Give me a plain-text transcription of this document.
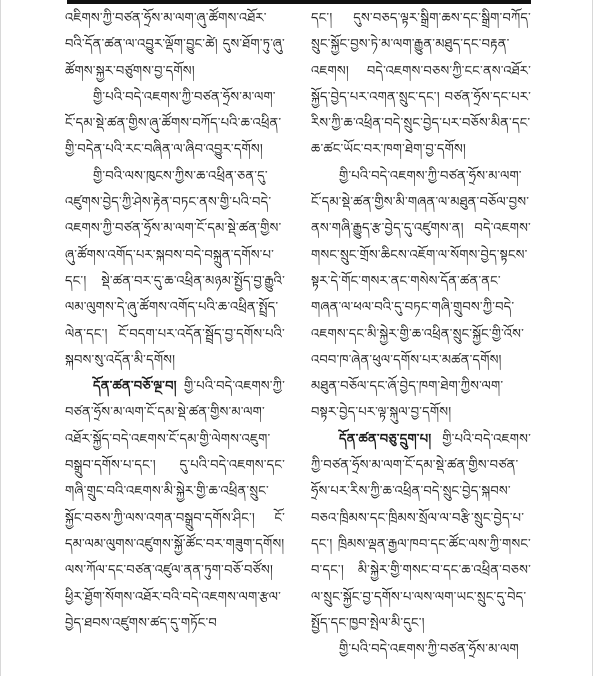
འཇིགས་ཀྱི་བཙན་ཧྲོས་མ་ལག་ཞུ་ཚོགས་འཐོར་བའི་དོན་ཚན་ལ་འབྱུར་ལྡོག་བྱུང་ཚེ། དུས་ཐོག་ཏུ་ཞུ་ཚོགས་སྐྱར་བཙུགས་བྱ་དགོས།

གྱི་པའི་བདེ་འཇགས་ཀྱི་བཙན་ཧྲོས་མ་ལག་ངོ་དམ་སྡེ་ཚན་གྱིས་ཞུ་ཚོགས་བཀོད་པའི་ཆ་འཕྲིན་གྱི་བདེན་པའི་རང་བཞིན་ལ་ཞིབ་འབྱུར་དགོས།

གྱི་བའི་ལས་ཁུངས་ཀྱིས་ཆ་འཕྲིན་ཅན་དུ་འཛུགས་བྱེད་ཀྱི་ཤེས་རྟེན་བཏང་ནས་གྱི་པའི་བདེ་འཇགས་ཀྱི་བཙན་ཧྲོས་མ་ལག་ངོ་དམ་སྡེ་ཚན་གྱིས་ཞུ་ཚོགས་འགོད་པར་སྐབས་བདེ་བསྐྲུན་དགོས་པ་དང་། སྡེ་ཚན་བར་དུ་ཆ་འཕྲིན་མཉམ་སྤྱོད་བྱ་རྒྱུའི་ལམ་ལུགས་དེ་ཞུ་ཚོགས་འགོད་པའི་ཆ་འཕྲིན་སྤྲོད་ལེན་དང་། ངོ་བདག་པར་འདོན་སྦྲོད་བྱ་དགོས་པའི་སྐབས་སུ་འདོན་མི་དགོས།

དོན་ཚན་བཅོ་ལྔ་བ། གྱི་པའི་བདེ་འཇགས་ཀྱི་བཙན་ཧྲོས་མ་ལག་ངོ་དམ་སྡེ་ཚན་གྱིས་མ་ལག་འཐོར་སྐྱོད་བདེ་འཇགས་ངོ་དམ་གྱི་ལེགས་འཇུག་བསྒྲུབ་དགོས་པ་དང་། དུ་པའི་བདེ་འཇགས་དང་གཞི་གྲུང་བའི་འཇགས་མི་སྐྱེར་གྱི་ཆ་འཕྲིན་སྲུང་སྐྱོང་བཅས་ཀྱི་ལས་འགན་བསྒྲུབ་དགོས་ཤིང་། ངོ་དམ་ལམ་ལུགས་འཛུགས་སྐྱོ་ཚོང་བར་གཟུག་དགོས། ལས་ཀོལ་དང་བཙན་འཛུལ་ནན་ཏུག་བཅོ་བཙོས། ཕྱིར་ཐྱོག་སོགས་འཐོར་བའི་བདེ་འཇགས་ལག་རྩལ་བྱེད་ཐབས་འཛུགས་ཚད་དུ་གཏོང་བ

དང་། དུས་བཅད་ལྟར་སྒྲིག་ཆས་དང་སྒྲིག་བཀོད་སྲུང་སྐྱོང་བྱས་ཏེ་མ་ལག་རྒྱུན་མཐུད་དང་བརྟན་འཇགས། བདེ་འཇགས་བཅས་ཀྱི་ངང་ནས་འཐོར་སྐྱོད་བྱེད་པར་འགན་སྲུང་དང་། བཙན་ཧྲོས་དང་པར་རིས་ཀྱི་ཆ་འཕྲིན་བདེ་སྲུང་བྱེད་པར་བཅོས་མིན་དང་ཆ་ཚང་ཡོང་བར་ཁག་ཐེག་བྱ་དགོས།

གྱི་པའི་བདེ་འཇགས་ཀྱི་བཙན་ཧྲོས་མ་ལག་ངོ་དམ་སྡེ་ཚན་གྱིས་མི་གཞན་ལ་མཐུན་བཅོལ་བྱས་ནས་གཞི་རྒྱུད་རྩ་བྱེད་དུ་འཛུགས་ན། བདེ་འཇགས་གསང་སྲུང་གྲོས་ཆིངས་འཇོག་ལ་སོགས་བྱེད་སྟངས་སྟར་དེ་གོང་གསར་ནང་གསེས་དོན་ཚན་ནང་གཞན་ལ་ཕལ་བའི་དུ་བཏང་གཞི་གྲུབས་ཀྱི་བདེ་འཇགས་དང་མི་སྐྱེར་གྱི་ཆ་འཕྲིན་སྲུང་སྐྱོང་གྱི་འོས་འབབ་ཁ་ཞེན་ཕུལ་དགོས་པར་མཚན་དགོས། མཐུན་བཅོལ་དང་ཞོ་བྱེད་ཁག་ཐེག་ཀྱིས་ལག་བསྟར་བྱེད་པར་ལྟ་སྐུལ་བྱ་དགོས།

དོན་ཚན་བཅུ་དྲུག་པ། གྱི་པའི་བདེ་འཇགས་ཀྱི་བཙན་ཧྲོས་མ་ལག་ངོ་དམ་སྡེ་ཚན་གྱིས་བཙན་ཧྲོས་པར་རིས་ཀྱི་ཆ་འཕྲིན་བདེ་སྲུང་བྱེད་སྐབས་བཅའ་ཁྲིམས་དང་ཁྲིམས་སྲོལ་ལ་བརྩི་སྲུང་བྱེད་པ་དང་། ཁྲིམས་ལྡན་རྒྱལ་ཁབ་དང་ཚོང་ལས་ཀྱི་གསང་བ་དང་། མི་སྐྱེར་གྱི་གསང་བ་དང་ཆ་འཕྲིན་བཅས་ལ་སྲུང་སྐྱོང་བྱ་དགོས་པ་ལས་ལག་ཡང་སྲུང་དུ་བེད་སྤྱོད་དང་ཁྱབ་སྤེལ་མི་དུང་།

གྱི་པའི་བདེ་འཇགས་ཀྱི་བཙན་ཧྲོས་མ་ལག
